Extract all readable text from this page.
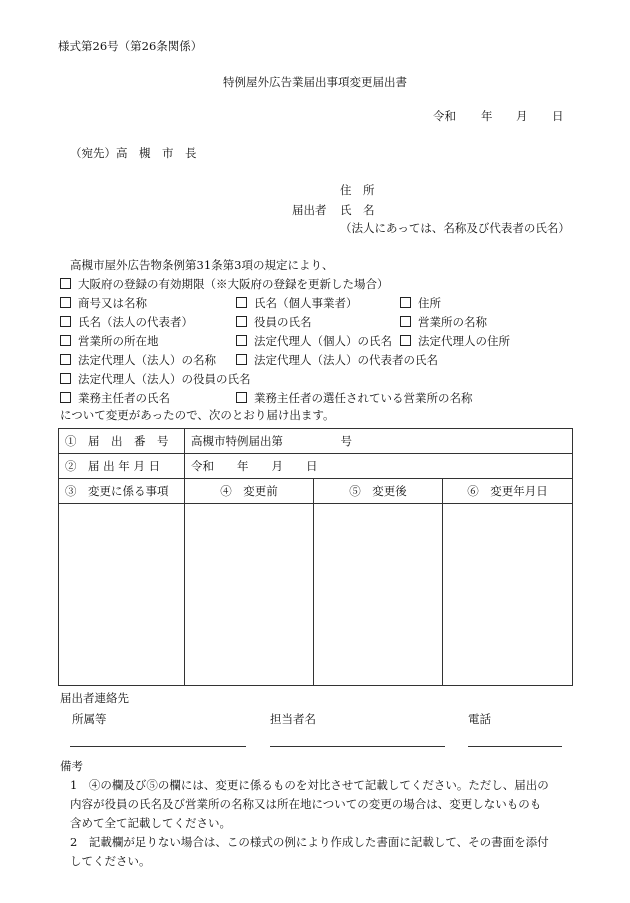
様式第26号（第26条関係）
特例屋外広告業届出事項変更届出書
令和 年 月 日
（宛先）高　槻　市　長
住　所
届出者 氏　名
（法人にあっては、名称及び代表者の氏名）
高槻市屋外広告物条例第31条第3項の規定により、
大阪府の登録の有効期限（※大阪府の登録を更新した場合）
商号又は名称	氏名（個人事業者）	住所
氏名（法人の代表者）	役員の氏名	営業所の名称
営業所の所在地	法定代理人（個人）の氏名	法定代理人の住所
法定代理人（法人）の名称	法定代理人（法人）の代表者の氏名
法定代理人（法人）の役員の氏名
業務主任者の氏名	業務主任者の選任されている営業所の名称
について変更があったので、次のとおり届け出ます。
①　届　出　番　号	高槻市特例届出第　　　　　号		
②　届 出 年 月 日	令和　　年　　月　　日		
③　変更に係る事項	④　変更前	⑤　変更後	⑥　変更年月日

届出者連絡先
所属等	担当者名	電話
備考
1　④の欄及び⑤の欄には、変更に係るものを対比させて記載してください。ただし、届出の
内容が役員の氏名及び営業所の名称又は所在地についての変更の場合は、変更しないものも
含めて全て記載してください。
2　記載欄が足りない場合は、この様式の例により作成した書面に記載して、その書面を添付
してください。
